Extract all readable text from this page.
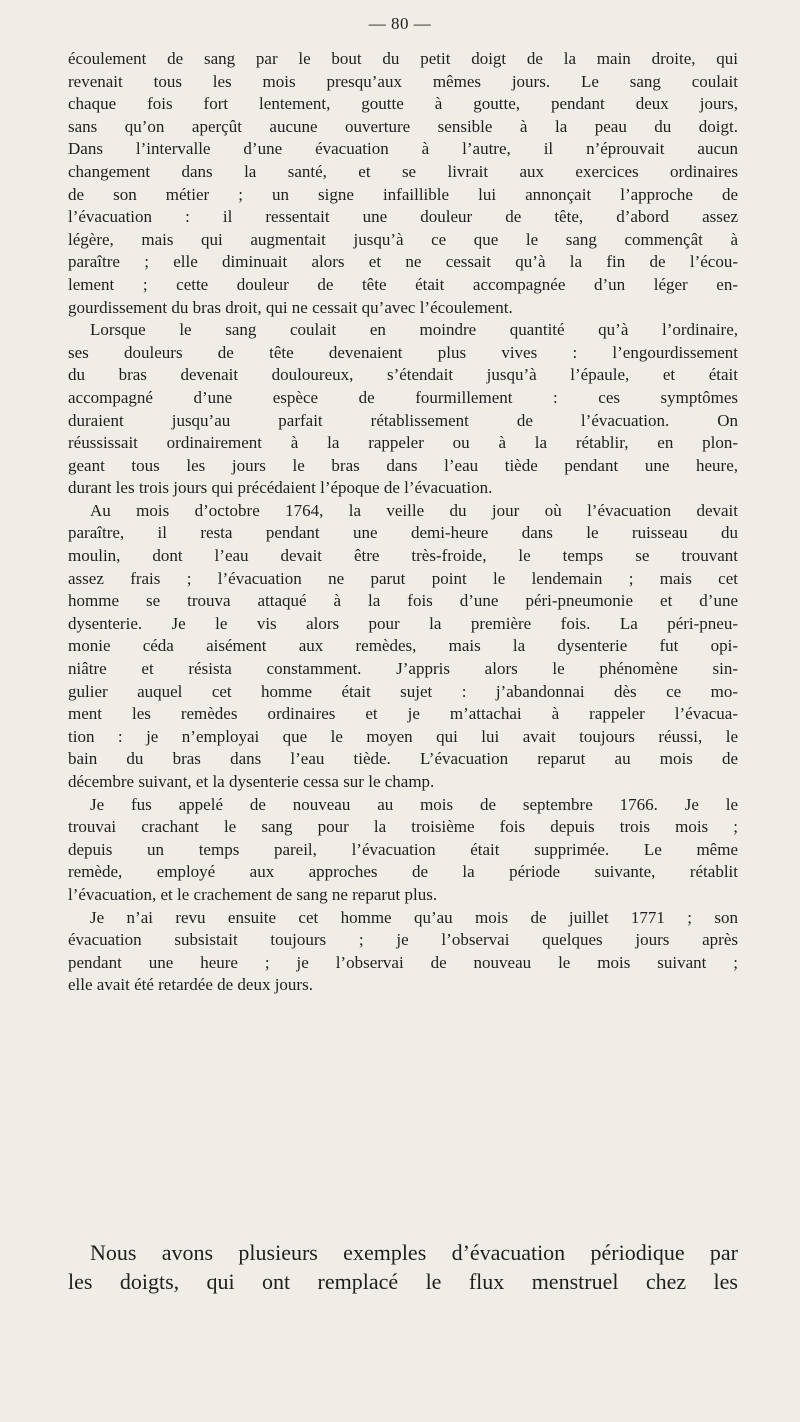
— 80 —
écoulement de sang par le bout du petit doigt de la main droite, qui
revenait tous les mois presqu’aux mêmes jours. Le sang coulait
chaque fois fort lentement, goutte à goutte, pendant deux jours,
sans qu’on aperçût aucune ouverture sensible à la peau du doigt.
Dans l’intervalle d’une évacuation à l’autre, il n’éprouvait aucun
changement dans la santé, et se livrait aux exercices ordinaires
de son métier ; un signe infaillible lui annonçait l’approche de
l’évacuation : il ressentait une douleur de tête, d’abord assez
légère, mais qui augmentait jusqu’à ce que le sang commençât à
paraître ; elle diminuait alors et ne cessait qu’à la fin de l’écou-
lement ; cette douleur de tête était accompagnée d’un léger en-
gourdissement du bras droit, qui ne cessait qu’avec l’écoulement.
Lorsque le sang coulait en moindre quantité qu’à l’ordinaire,
ses douleurs de tête devenaient plus vives : l’engourdissement
du bras devenait douloureux, s’étendait jusqu’à l’épaule, et était
accompagné d’une espèce de fourmillement : ces symptômes
duraient jusqu’au parfait rétablissement de l’évacuation. On
réussissait ordinairement à la rappeler ou à la rétablir, en plon-
geant tous les jours le bras dans l’eau tiède pendant une heure,
durant les trois jours qui précédaient l’époque de l’évacuation.
Au mois d’octobre 1764, la veille du jour où l’évacuation devait
paraître, il resta pendant une demi-heure dans le ruisseau du
moulin, dont l’eau devait être très-froide, le temps se trouvant
assez frais ; l’évacuation ne parut point le lendemain ; mais cet
homme se trouva attaqué à la fois d’une péri-pneumonie et d’une
dysenterie. Je le vis alors pour la première fois. La péri-pneu-
monie céda aisément aux remèdes, mais la dysenterie fut opi-
niâtre et résista constamment. J’appris alors le phénomène sin-
gulier auquel cet homme était sujet : j’abandonnai dès ce mo-
ment les remèdes ordinaires et je m’attachai à rappeler l’évacua-
tion : je n’employai que le moyen qui lui avait toujours réussi, le
bain du bras dans l’eau tiède. L’évacuation reparut au mois de
décembre suivant, et la dysenterie cessa sur le champ.
Je fus appelé de nouveau au mois de septembre 1766. Je le
trouvai crachant le sang pour la troisième fois depuis trois mois ;
depuis un temps pareil, l’évacuation était supprimée. Le même
remède, employé aux approches de la période suivante, rétablit
l’évacuation, et le crachement de sang ne reparut plus.
Je n’ai revu ensuite cet homme qu’au mois de juillet 1771 ; son
évacuation subsistait toujours ; je l’observai quelques jours après
pendant une heure ; je l’observai de nouveau le mois suivant ;
elle avait été retardée de deux jours.
Nous avons plusieurs exemples d’évacuation périodique par
les doigts, qui ont remplacé le flux menstruel chez les
